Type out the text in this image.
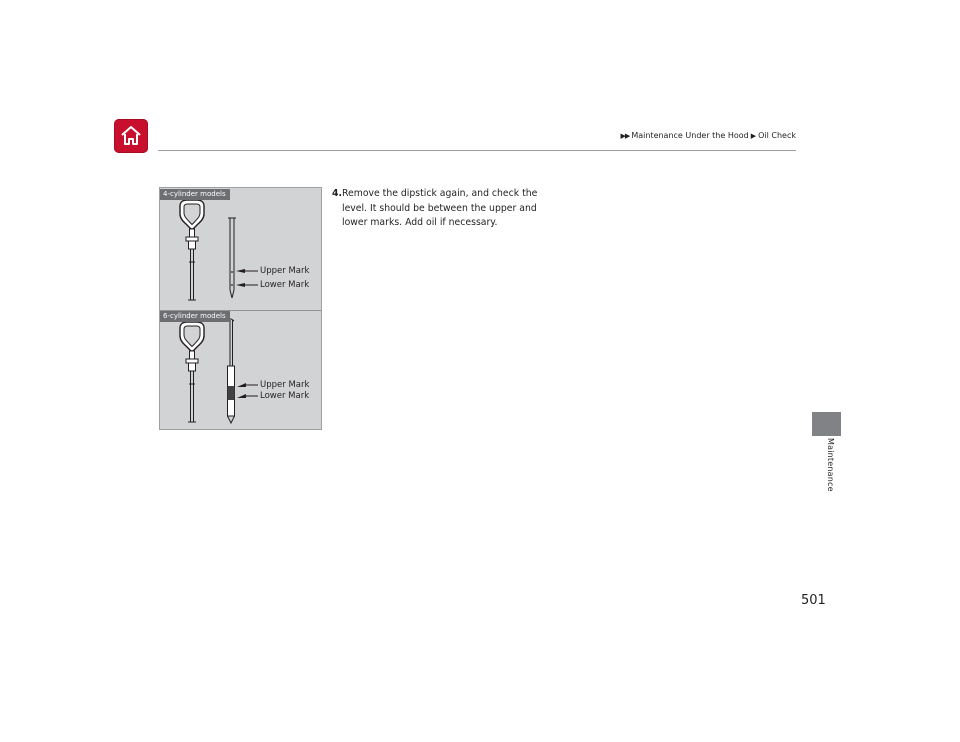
▶▶ Maintenance Under the Hood ▶ Oil Check
Maintenance
4-cylinder models
Upper Mark
Lower Mark
6-cylinder models
Upper Mark
Lower Mark
4. Remove the dipstick again, and check the level. It should be between the upper and lower marks. Add oil if necessary.
501
